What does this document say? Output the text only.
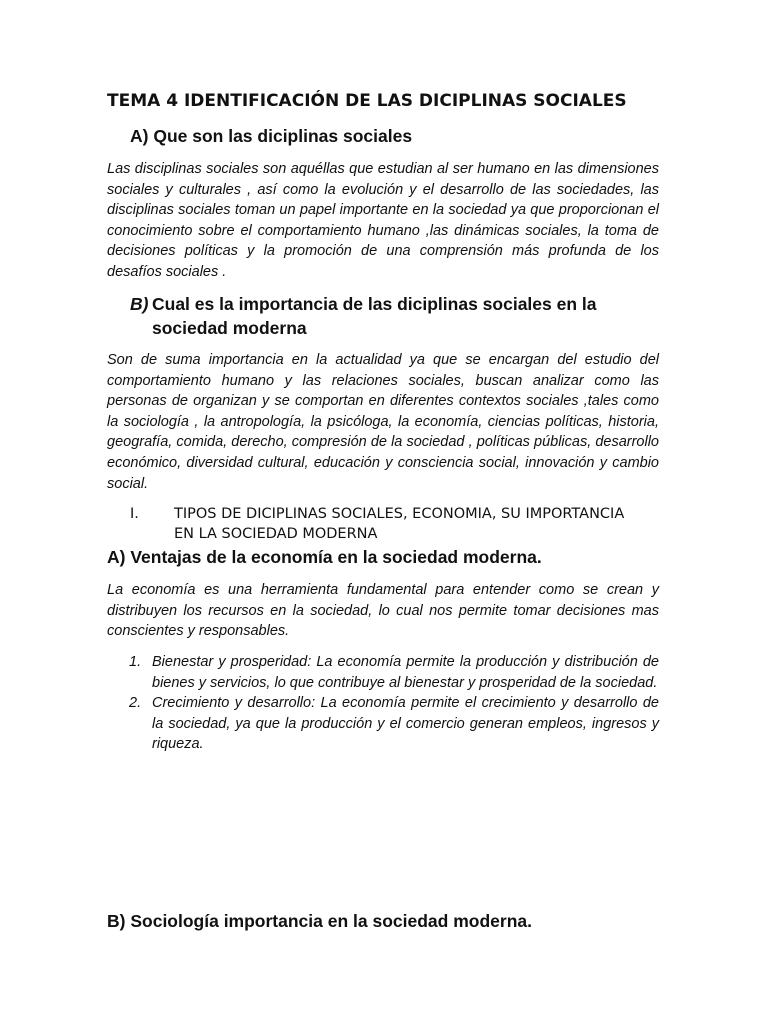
TEMA 4 IDENTIFICACIÓN DE LAS DICIPLINAS SOCIALES
A) Que son las diciplinas sociales
Las disciplinas sociales son aquéllas que estudian al ser humano en las dimensiones sociales y culturales , así como la evolución y el desarrollo de las sociedades, las disciplinas sociales toman un papel importante en la sociedad ya que proporcionan el conocimiento sobre el comportamiento humano ,las dinámicas sociales, la toma de decisiones políticas y la promoción de una comprensión más profunda de los desafíos sociales .
B) Cual es la importancia de las diciplinas sociales en la
sociedad moderna
Son de suma importancia en la actualidad ya que se encargan del estudio del comportamiento humano y las relaciones sociales, buscan analizar como las personas de organizan y se comportan en diferentes contextos sociales ,tales como la sociología , la antropología, la psicóloga, la economía, ciencias políticas, historia, geografía, comida, derecho, compresión de la sociedad , políticas públicas, desarrollo económico, diversidad cultural, educación y consciencia social, innovación y cambio social.
I. TIPOS DE DICIPLINAS SOCIALES, ECONOMIA, SU IMPORTANCIA
EN LA SOCIEDAD MODERNA
A) Ventajas de la economía en la sociedad moderna.
La economía es una herramienta fundamental para entender como se crean y distribuyen los recursos en la sociedad, lo cual nos permite tomar decisiones mas conscientes y responsables.
1. Bienestar y prosperidad: La economía permite la producción y distribución de bienes y servicios, lo que contribuye al bienestar y prosperidad de la sociedad.
2. Crecimiento y desarrollo: La economía permite el crecimiento y desarrollo de la sociedad, ya que la producción y el comercio generan empleos, ingresos y riqueza.
B) Sociología importancia en la sociedad moderna.
